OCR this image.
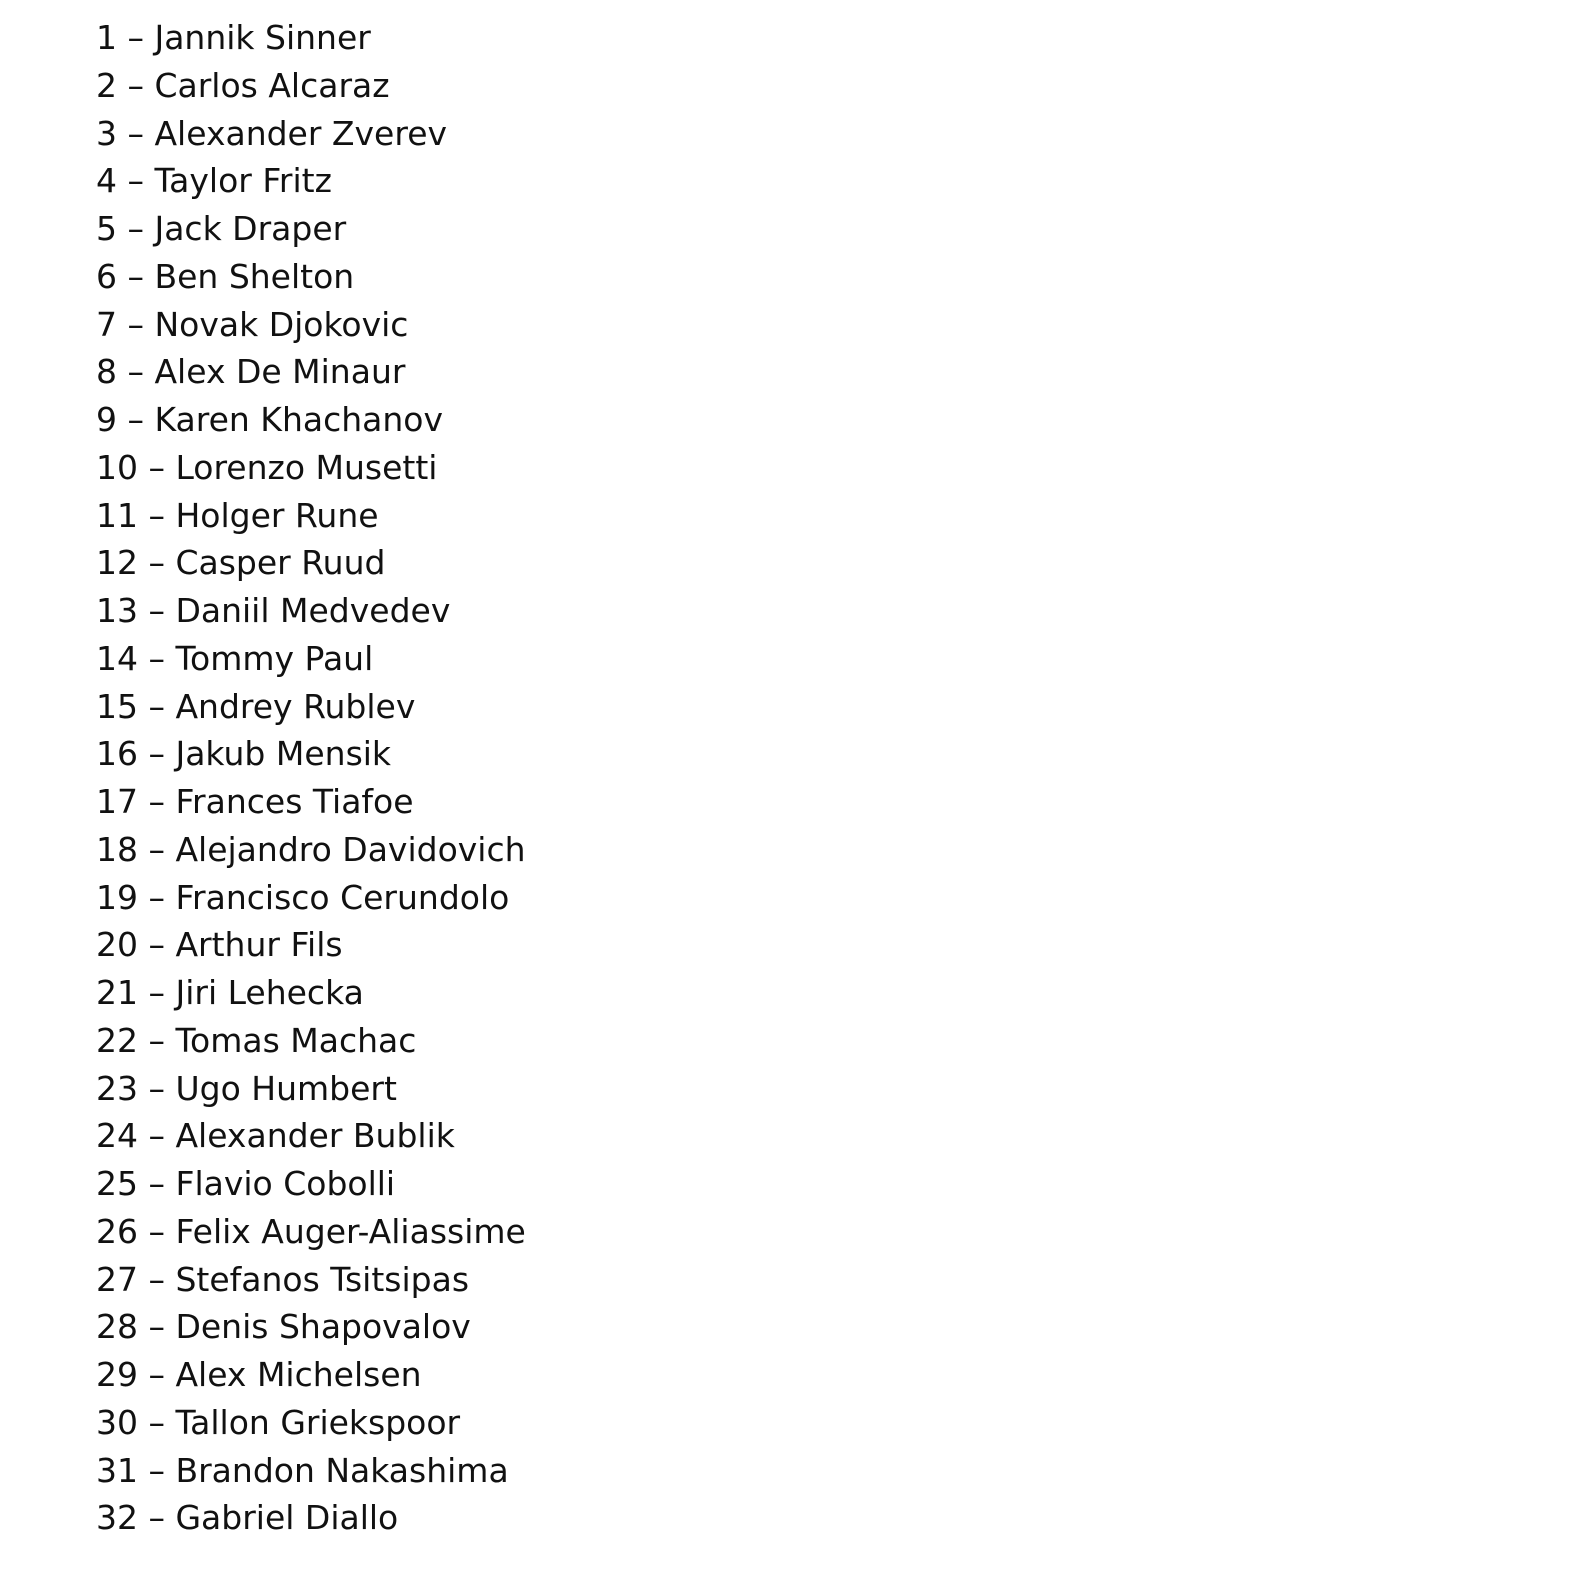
1 – Jannik Sinner
2 – Carlos Alcaraz
3 – Alexander Zverev
4 – Taylor Fritz
5 – Jack Draper
6 – Ben Shelton
7 – Novak Djokovic
8 – Alex De Minaur
9 – Karen Khachanov
10 – Lorenzo Musetti
11 – Holger Rune
12 – Casper Ruud
13 – Daniil Medvedev
14 – Tommy Paul
15 – Andrey Rublev
16 – Jakub Mensik
17 – Frances Tiafoe
18 – Alejandro Davidovich
19 – Francisco Cerundolo
20 – Arthur Fils
21 – Jiri Lehecka
22 – Tomas Machac
23 – Ugo Humbert
24 – Alexander Bublik
25 – Flavio Cobolli
26 – Felix Auger-Aliassime
27 – Stefanos Tsitsipas
28 – Denis Shapovalov
29 – Alex Michelsen
30 – Tallon Griekspoor
31 – Brandon Nakashima
32 – Gabriel Diallo
